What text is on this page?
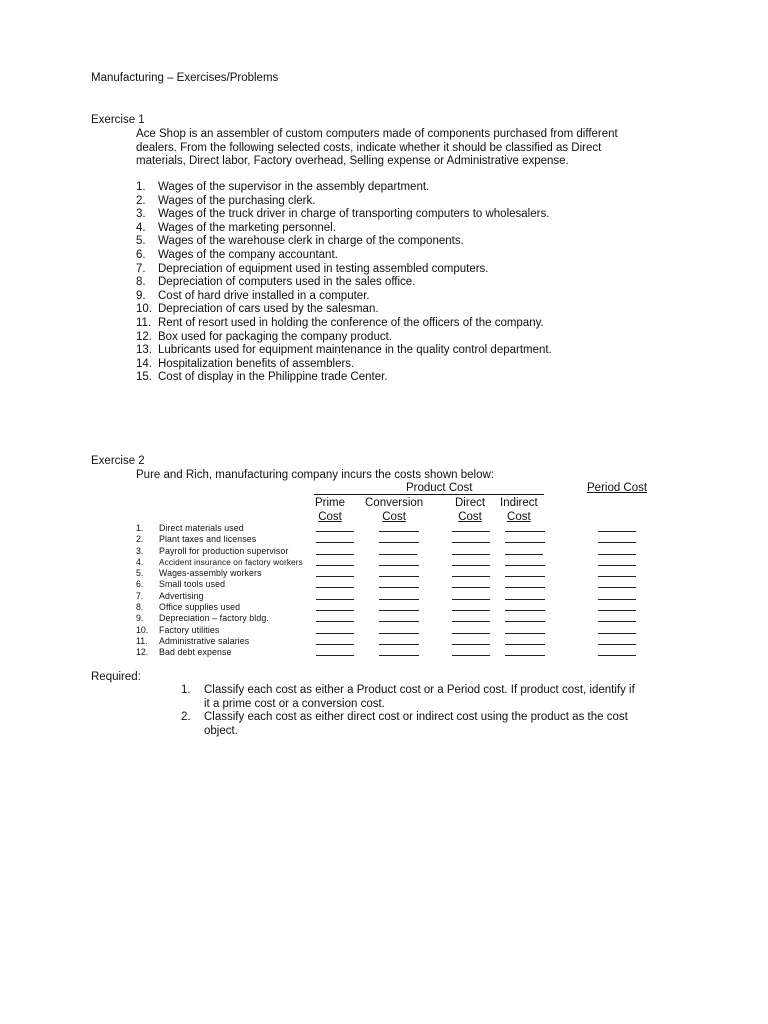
Manufacturing – Exercises/Problems
Exercise 1
Ace Shop is an assembler of custom computers made of components purchased from different
dealers. From the following selected costs, indicate whether it should be classified as Direct
materials, Direct labor, Factory overhead, Selling expense or Administrative expense.
1. Wages of the supervisor in the assembly department.
2. Wages of the purchasing clerk.
3. Wages of the truck driver in charge of transporting computers to wholesalers.
4. Wages of the marketing personnel.
5. Wages of the warehouse clerk in charge of the components.
6. Wages of the company accountant.
7. Depreciation of equipment used in testing assembled computers.
8. Depreciation of computers used in the sales office.
9. Cost of hard drive installed in a computer.
10. Depreciation of cars used by the salesman.
11. Rent of resort used in holding the conference of the officers of the company.
12. Box used for packaging the company product.
13. Lubricants used for equipment maintenance in the quality control department.
14. Hospitalization benefits of assemblers.
15. Cost of display in the Philippine trade Center.
Exercise 2
Pure and Rich, manufacturing company incurs the costs shown below:
Product Cost	Period Cost
Prime
Cost
Conversion
Cost
Direct
Cost
Indirect
Cost
1. Direct materials used
2. Plant taxes and licenses
3. Payroll for production supervisor
4. Accident insurance on factory workers
5. Wages-assembly workers
6. Small tools used
7. Advertising
8. Office supplies used
9. Depreciation – factory bldg.
10. Factory utilities
11. Administrative salaries
12. Bad debt expense
Required:
1. Classify each cost as either a Product cost or a Period cost. If product cost, identify if
it a prime cost or a conversion cost.
2. Classify each cost as either direct cost or indirect cost using the product as the cost
object.
